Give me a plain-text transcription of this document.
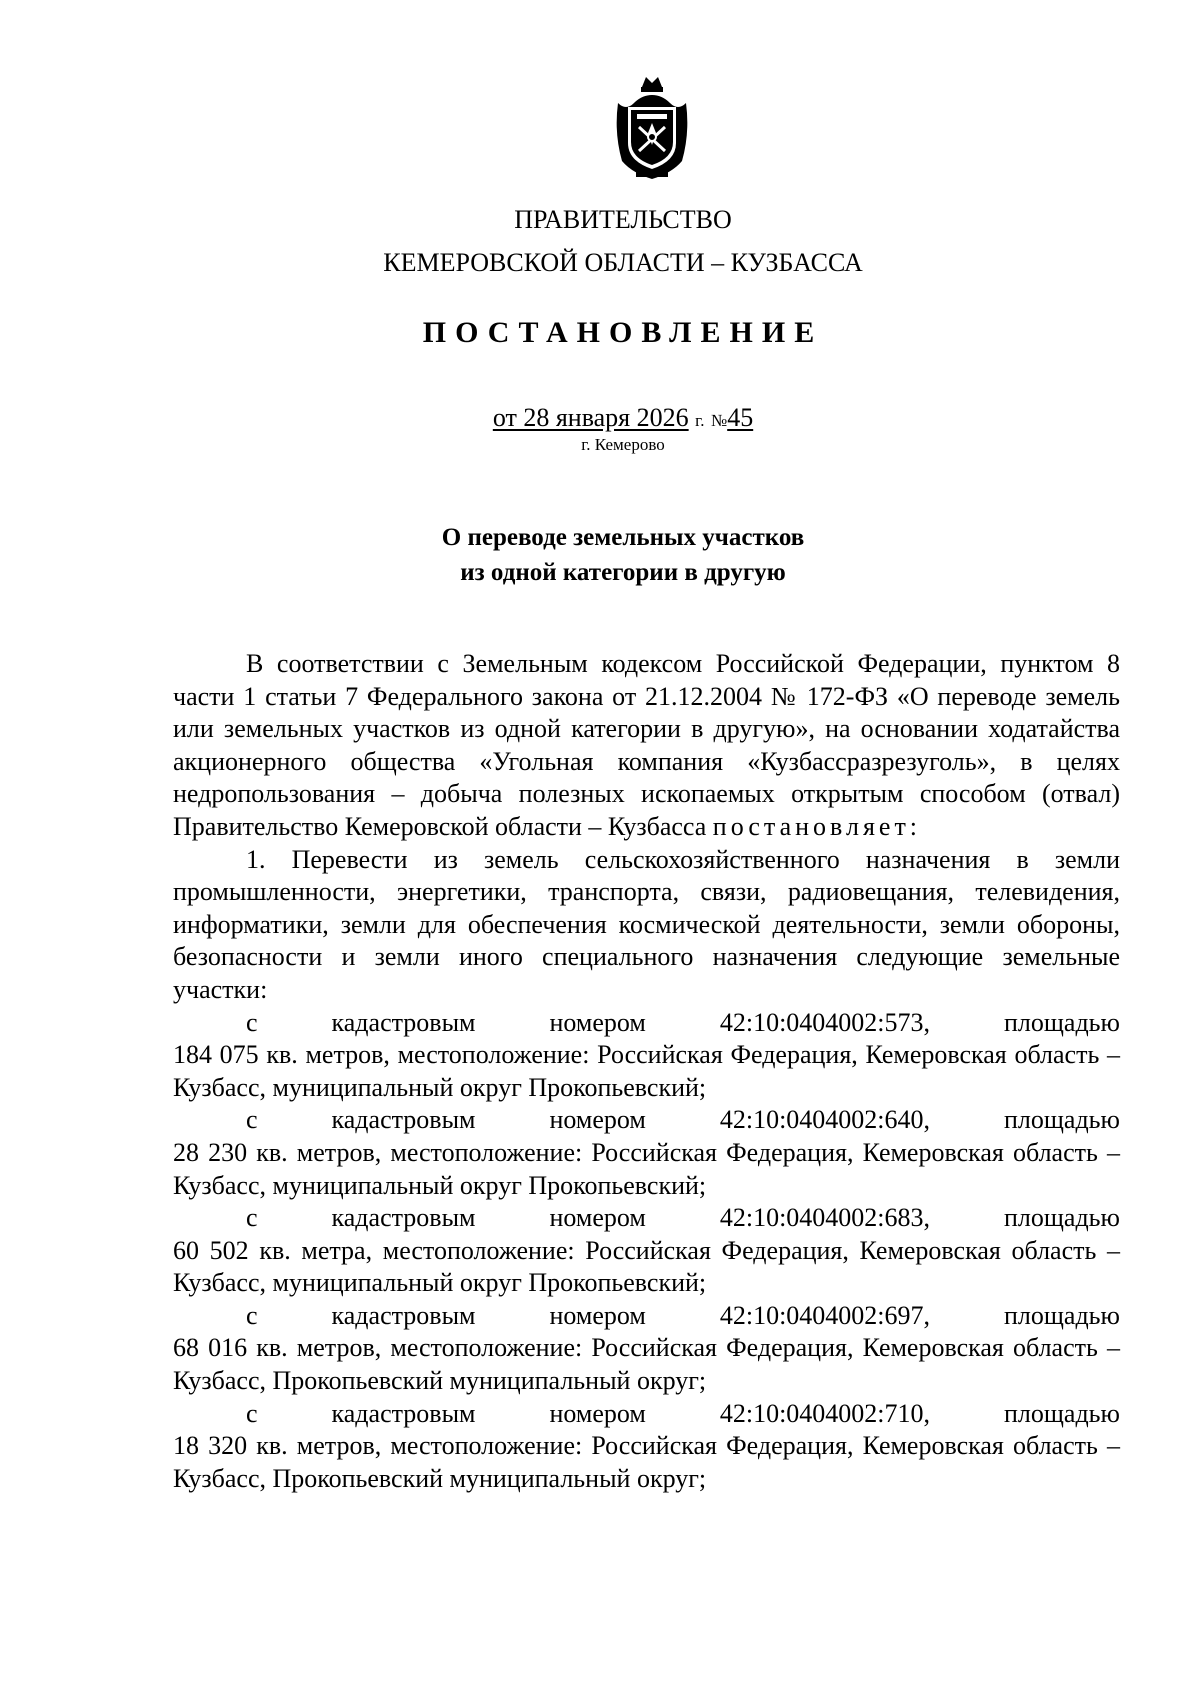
ПРАВИТЕЛЬСТВО
КЕМЕРОВСКОЙ ОБЛАСТИ – КУЗБАССА
ПОСТАНОВЛЕНИЕ
от 28 января 2026 г. №45
г. Кемерово
О переводе земельных участков
из одной категории в другую

В соответствии с Земельным кодексом Российской Федерации, пунктом 8 части 1 статьи 7 Федерального закона от 21.12.2004 № 172-ФЗ «О переводе земель или земельных участков из одной категории в другую», на основании ходатайства акционерного общества «Угольная компания «Кузбассразрезуголь», в целях недропользования – добыча полезных ископаемых открытым способом (отвал) Правительство Кемеровской области – Кузбасса постановляет:

1. Перевести из земель сельскохозяйственного назначения в земли промышленности, энергетики, транспорта, связи, радиовещания, телевидения, информатики, земли для обеспечения космической деятельности, земли обороны, безопасности и земли иного специального назначения следующие земельные участки:

с	кадастровым	номером	42:10:0404002:573,	площадью

184 075 кв. метров, местоположение: Российская Федерация, Кемеровская область – Кузбасс, муниципальный округ Прокопьевский;

с	кадастровым	номером	42:10:0404002:640,	площадью

28 230 кв. метров, местоположение: Российская Федерация, Кемеровская область – Кузбасс, муниципальный округ Прокопьевский;

с	кадастровым	номером	42:10:0404002:683,	площадью

60 502 кв. метра, местоположение: Российская Федерация, Кемеровская область – Кузбасс, муниципальный округ Прокопьевский;

с	кадастровым	номером	42:10:0404002:697,	площадью

68 016 кв. метров, местоположение: Российская Федерация, Кемеровская область – Кузбасс, Прокопьевский муниципальный округ;

с	кадастровым	номером	42:10:0404002:710,	площадью

18 320 кв. метров, местоположение: Российская Федерация, Кемеровская область – Кузбасс, Прокопьевский муниципальный округ;
